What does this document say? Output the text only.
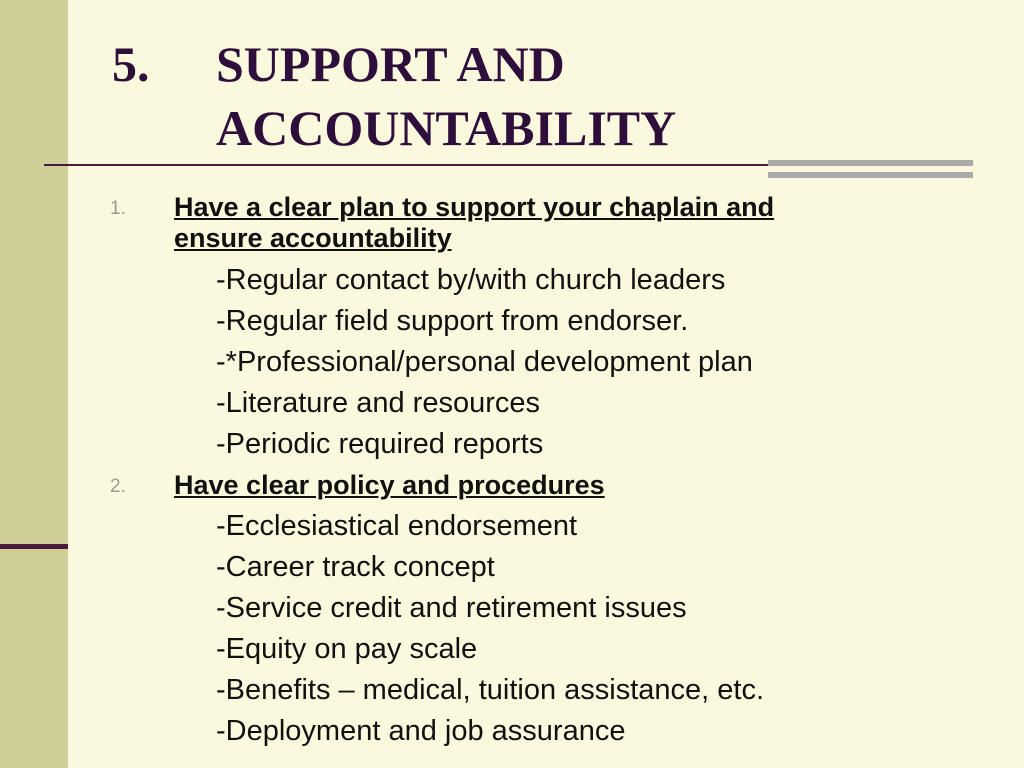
5. SUPPORT AND
ACCOUNTABILITY
1. Have a clear plan to support your chaplain and
ensure accountability
-Regular contact by/with church leaders
-Regular field support from endorser.
-*Professional/personal development plan
-Literature and resources
-Periodic required reports
2. Have clear policy and procedures
-Ecclesiastical endorsement
-Career track concept
-Service credit and retirement issues
-Equity on pay scale
-Benefits – medical, tuition assistance, etc.
-Deployment and job assurance
